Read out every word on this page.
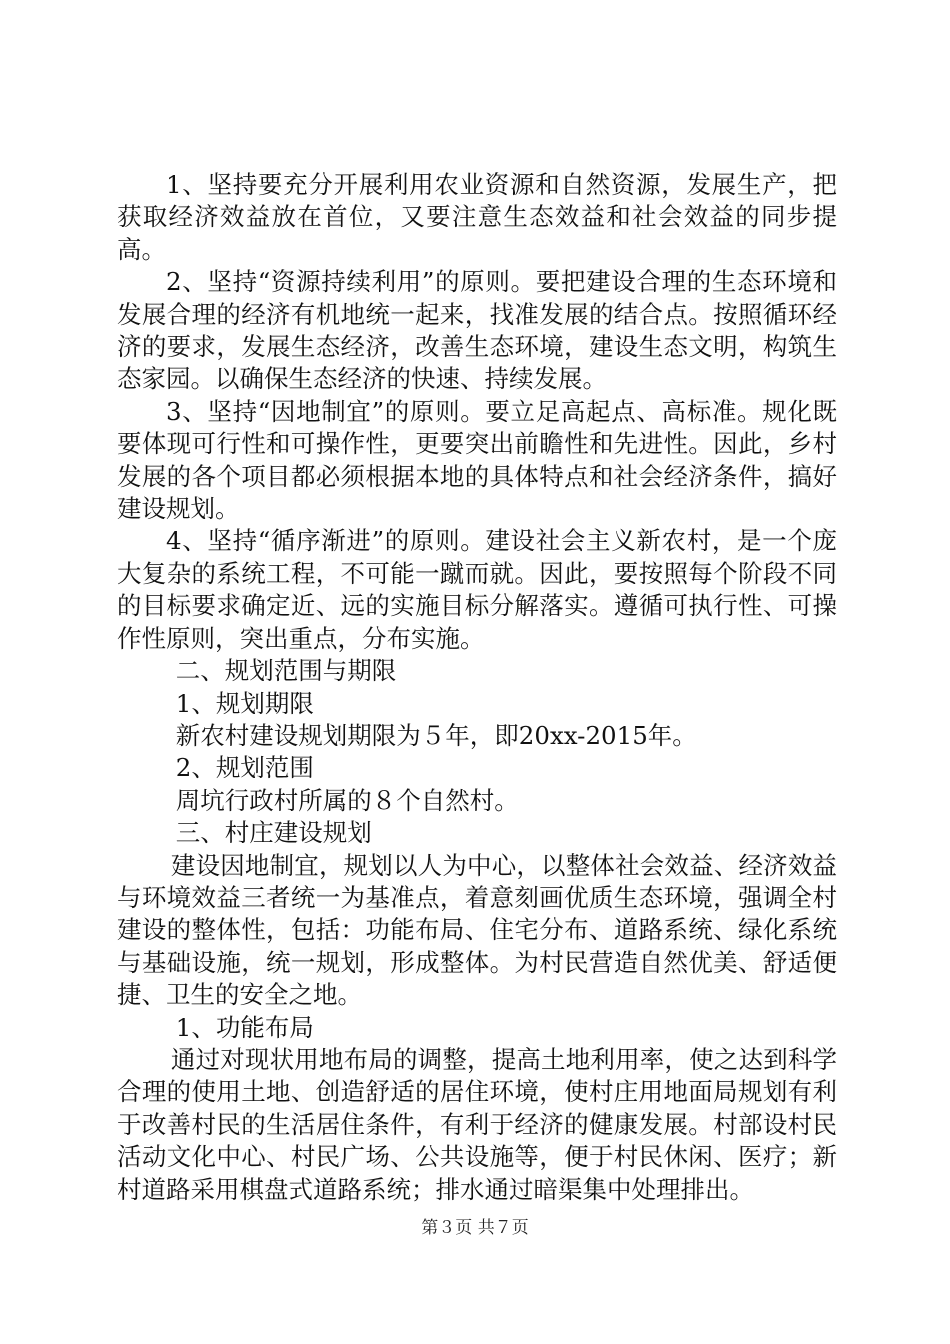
1、坚持要充分开展利用农业资源和自然资源，发展生产，把获取经济效益放在首位，又要注意生态效益和社会效益的同步提高。

2、坚持“资源持续利用”的原则。要把建设合理的生态环境和发展合理的经济有机地统一起来，找准发展的结合点。按照循环经济的要求，发展生态经济，改善生态环境，建设生态文明，构筑生态家园。以确保生态经济的快速、持续发展。

3、坚持“因地制宜”的原则。要立足高起点、高标准。规化既要体现可行性和可操作性，更要突出前瞻性和先进性。因此，乡村发展的各个项目都必须根据本地的具体特点和社会经济条件，搞好建设规划。

4、坚持“循序渐进”的原则。建设社会主义新农村，是一个庞大复杂的系统工程，不可能一蹴而就。因此，要按照每个阶段不同的目标要求确定近、远的实施目标分解落实。遵循可执行性、可操作性原则，突出重点，分布实施。

二、规划范围与期限

1、规划期限

新农村建设规划期限为５年，即20xx-2015年。

2、规划范围

周坑行政村所属的８个自然村。

三、村庄建设规划

建设因地制宜，规划以人为中心，以整体社会效益、经济效益与环境效益三者统一为基准点，着意刻画优质生态环境，强调全村建设的整体性，包括：功能布局、住宅分布、道路系统、绿化系统与基础设施，统一规划，形成整体。为村民营造自然优美、舒适便捷、卫生的安全之地。

1、功能布局

通过对现状用地布局的调整，提高土地利用率，使之达到科学合理的使用土地、创造舒适的居住环境，使村庄用地面局规划有利于改善村民的生活居住条件，有利于经济的健康发展。村部设村民活动文化中心、村民广场、公共设施等，便于村民休闲、医疗；新村道路采用棋盘式道路系统；排水通过暗渠集中处理排出。

第３页 共７页
